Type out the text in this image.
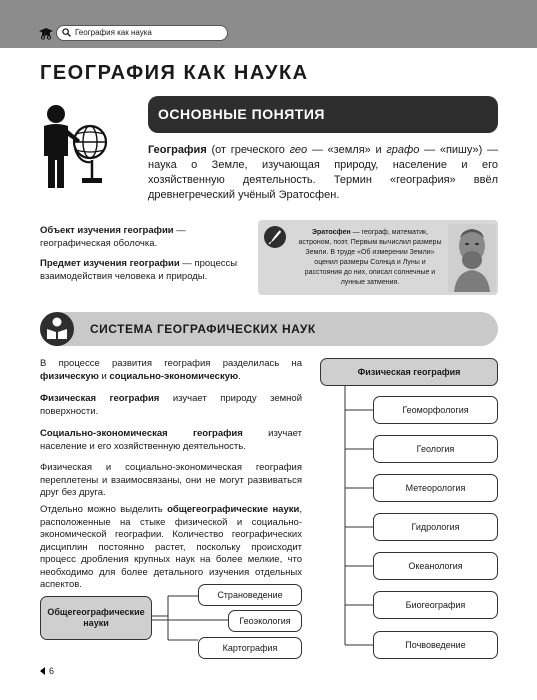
География как наука
ГЕОГРАФИЯ КАК НАУКА
ОСНОВНЫЕ ПОНЯТИЯ
География (от греческого гео — «земля» и графо — «пишу») — наука о Земле, изучающая природу, население и его хозяйственную деятельность. Термин «география» ввёл древнегреческий учёный Эратосфен.
Объект изучения географии — географическая оболочка.
Предмет изучения географии — процессы взаимодействия человека и природы.
Эратосфен — географ, математик, астроном, поэт. Первым вычислил размеры Земли. В труде «Об измерении Земли» оценил размеры Солнца и Луны и расстояния до них, описал солнечные и лунные затмения.
СИСТЕМА ГЕОГРАФИЧЕСКИХ НАУК
В процессе развития география разделилась на физическую и социально-экономическую.
Физическая география изучает природу земной поверхности.
Социально-экономическая география изучает население и его хозяйственную деятельность.
Физическая и социально-экономическая география переплетены и взаимосвязаны, они не могут развиваться друг без друга.
Отдельно можно выделить общегеографические науки, расположенные на стыке физической и социально-экономической географии. Количество географических дисциплин постоянно растет, поскольку происходит процесс дробления крупных наук на более мелкие, что необходимо для более детального изучения отдельных аспектов.
Физическая география
Геоморфология
Геология
Метеорология
Гидрология
Океанология
Биогеография
Почвоведение
Общегеографические науки
Страноведение
Геоэкология
Картография
6
